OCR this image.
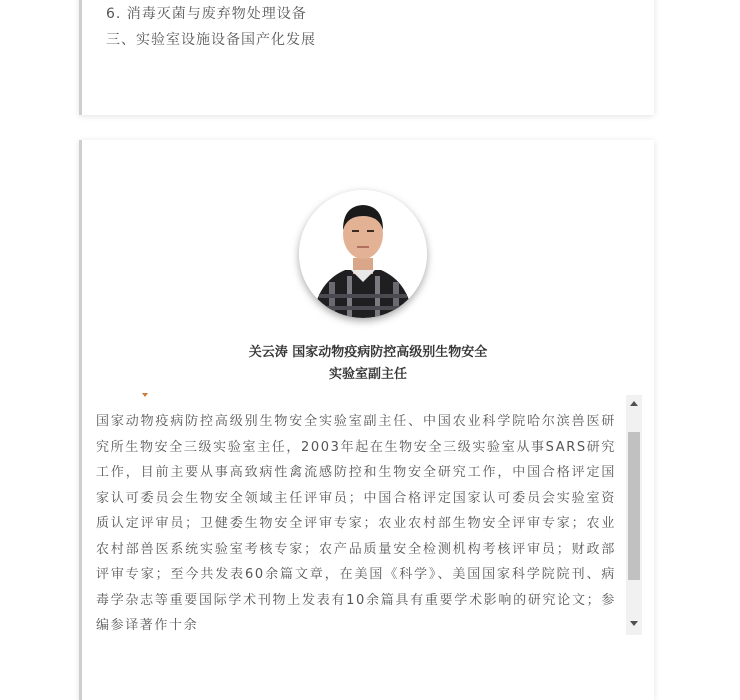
6. 消毒灭菌与废弃物处理设备
三、实验室设施设备国产化发展
关云涛 国家动物疫病防控高级别生物安全
实验室副主任
国家动物疫病防控高级别生物安全实验室副主任、中国农业科学院哈尔滨兽医研究所生物安全三级实验室主任，2003年起在生物安全三级实验室从事SARS研究工作，目前主要从事高致病性禽流感防控和生物安全研究工作，中国合格评定国家认可委员会生物安全领域主任评审员；中国合格评定国家认可委员会实验室资质认定评审员；卫健委生物安全评审专家；农业农村部生物安全评审专家；农业农村部兽医系统实验室考核专家；农产品质量安全检测机构考核评审员；财政部评审专家；至今共发表60余篇文章，在美国《科学》、美国国家科学院院刊、病毒学杂志等重要国际学术刊物上发表有10余篇具有重要学术影响的研究论文；参编参译著作十余
